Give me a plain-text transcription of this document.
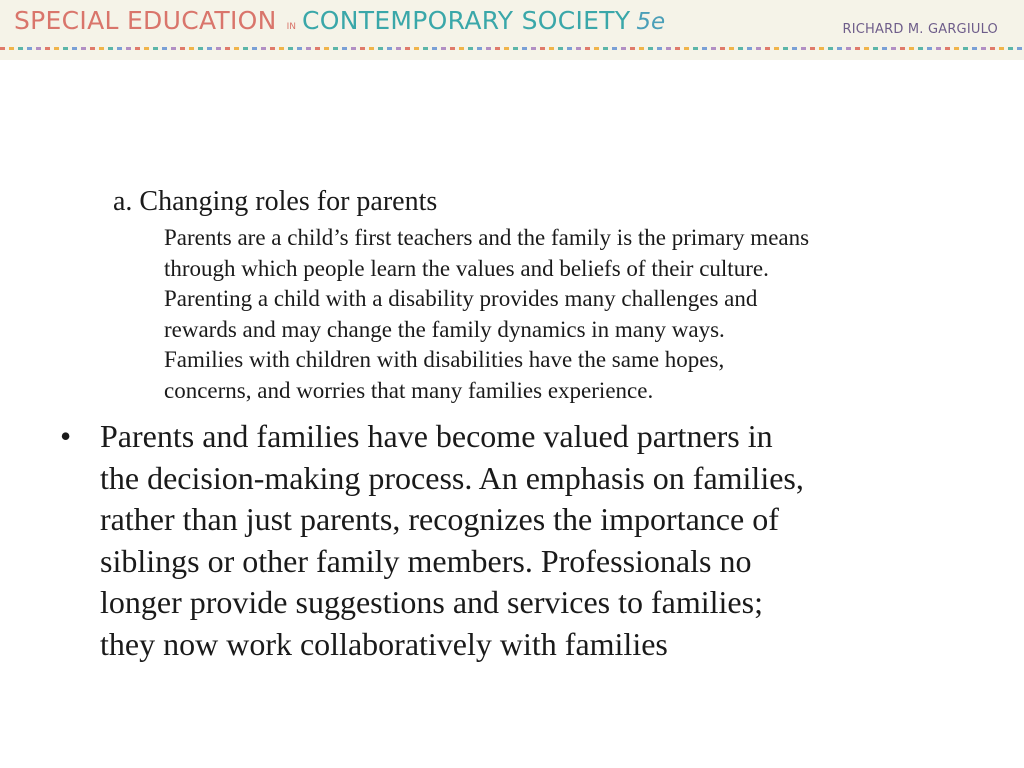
SPECIAL EDUCATION IN CONTEMPORARY SOCIETY 5e	RICHARD M. GARGIULO
a. Changing roles for parents
Parents are a child’s first teachers and the family is the primary means
through which people learn the values and beliefs of their culture.
Parenting a child with a disability provides many challenges and
rewards and may change the family dynamics in many ways.
Families with children with disabilities have the same hopes,
concerns, and worries that many families experience.
• Parents and families have become valued partners in
the decision-making process. An emphasis on families,
rather than just parents, recognizes the importance of
siblings or other family members. Professionals no
longer provide suggestions and services to families;
they now work collaboratively with families
